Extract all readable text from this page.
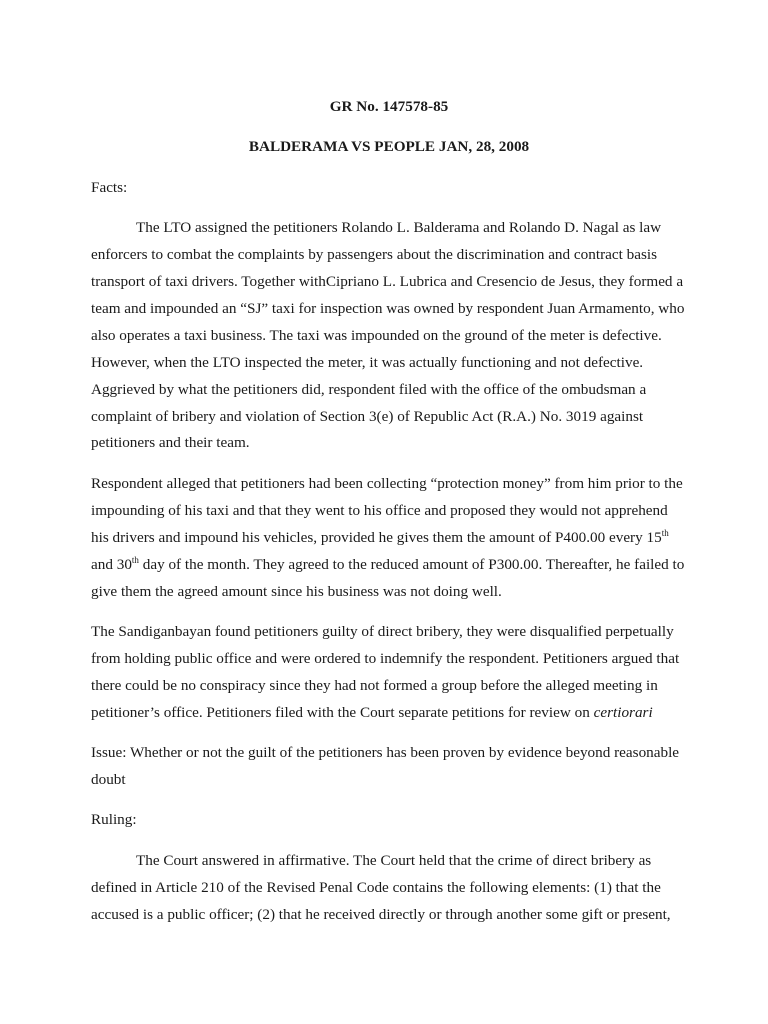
GR No. 147578-85

BALDERAMA VS PEOPLE JAN, 28, 2008

Facts:

The LTO assigned the petitioners Rolando L. Balderama and Rolando D. Nagal as law enforcers to combat the complaints by passengers about the discrimination and contract basis transport of taxi drivers. Together withCipriano L. Lubrica and Cresencio de Jesus, they formed a team and impounded an “SJ” taxi for inspection was owned by respondent Juan Armamento, who also operates a taxi business. The taxi was impounded on the ground of the meter is defective. However, when the LTO inspected the meter, it was actually functioning and not defective. Aggrieved by what the petitioners did, respondent filed with the office of the ombudsman a complaint of bribery and violation of Section 3(e) of Republic Act (R.A.) No. 3019 against petitioners and their team.

Respondent alleged that petitioners had been collecting “protection money” from him prior to the impounding of his taxi and that they went to his office and proposed they would not apprehend his drivers and impound his vehicles, provided he gives them the amount of P400.00 every 15th and 30th day of the month. They agreed to the reduced amount of P300.00. Thereafter, he failed to give them the agreed amount since his business was not doing well.

The Sandiganbayan found petitioners guilty of direct bribery, they were disqualified perpetually from holding public office and were ordered to indemnify the respondent. Petitioners argued that there could be no conspiracy since they had not formed a group before the alleged meeting in petitioner’s office. Petitioners filed with the Court separate petitions for review on certiorari

Issue: Whether or not the guilt of the petitioners has been proven by evidence beyond reasonable doubt

Ruling:

The Court answered in affirmative. The Court held that the crime of direct bribery as defined in Article 210 of the Revised Penal Code contains the following elements: (1) that the accused is a public officer; (2) that he received directly or through another some gift or present,
